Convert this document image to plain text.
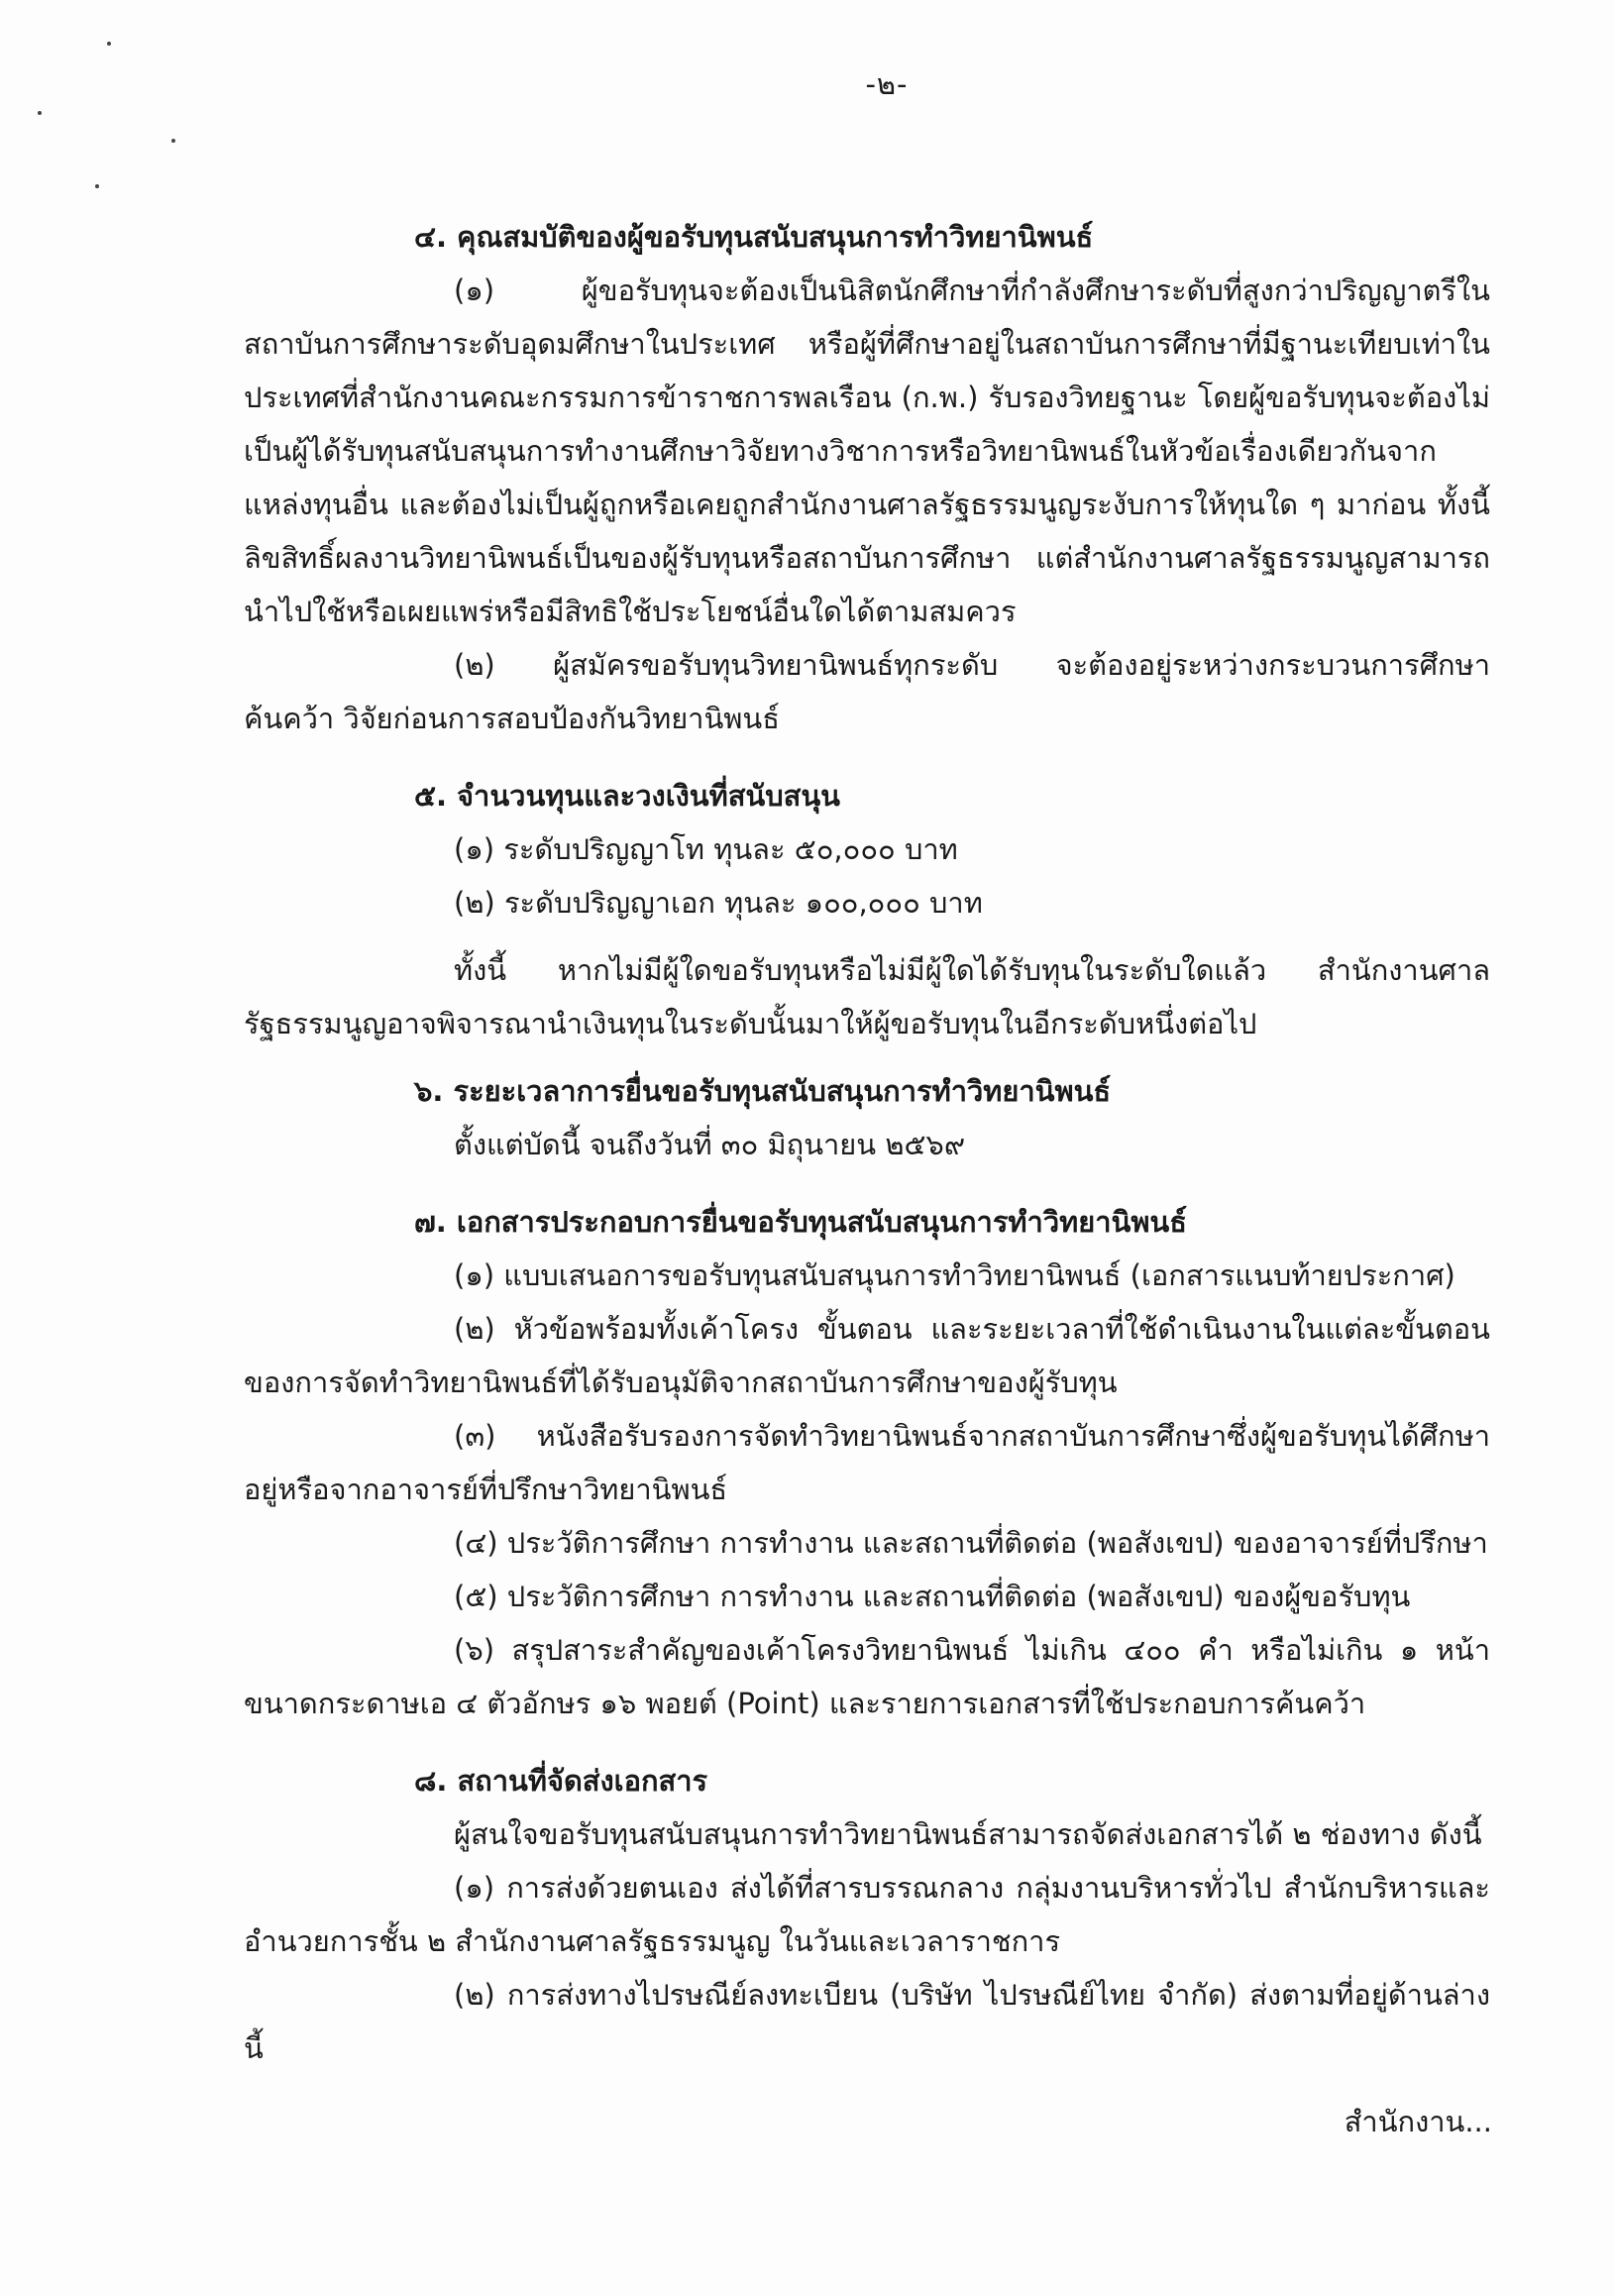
-๒-

๔. คุณสมบัติของผู้ขอรับทุนสนับสนุนการทำวิทยานิพนธ์

(๑) ผู้ขอรับทุนจะต้องเป็นนิสิตนักศึกษาที่กำลังศึกษาระดับที่สูงกว่าปริญญาตรีในสถาบันการศึกษาระดับอุดมศึกษาในประเทศ หรือผู้ที่ศึกษาอยู่ในสถาบันการศึกษาที่มีฐานะเทียบเท่าในประเทศที่สำนักงานคณะกรรมการข้าราชการพลเรือน (ก.พ.) รับรองวิทยฐานะ โดยผู้ขอรับทุนจะต้องไม่เป็นผู้ได้รับทุนสนับสนุนการทำงานศึกษาวิจัยทางวิชาการหรือวิทยานิพนธ์ในหัวข้อเรื่องเดียวกันจากแหล่งทุนอื่น และต้องไม่เป็นผู้ถูกหรือเคยถูกสำนักงานศาลรัฐธรรมนูญระงับการให้ทุนใด ๆ มาก่อน ทั้งนี้ ลิขสิทธิ์ผลงานวิทยานิพนธ์เป็นของผู้รับทุนหรือสถาบันการศึกษา แต่สำนักงานศาลรัฐธรรมนูญสามารถนำไปใช้หรือเผยแพร่หรือมีสิทธิใช้ประโยชน์อื่นใดได้ตามสมควร

(๒) ผู้สมัครขอรับทุนวิทยานิพนธ์ทุกระดับ จะต้องอยู่ระหว่างกระบวนการศึกษา ค้นคว้า วิจัยก่อนการสอบป้องกันวิทยานิพนธ์

๕. จำนวนทุนและวงเงินที่สนับสนุน

(๑) ระดับปริญญาโท ทุนละ ๕๐,๐๐๐ บาท

(๒) ระดับปริญญาเอก ทุนละ ๑๐๐,๐๐๐ บาท

ทั้งนี้ หากไม่มีผู้ใดขอรับทุนหรือไม่มีผู้ใดได้รับทุนในระดับใดแล้ว สำนักงานศาลรัฐธรรมนูญอาจพิจารณานำเงินทุนในระดับนั้นมาให้ผู้ขอรับทุนในอีกระดับหนึ่งต่อไป

๖. ระยะเวลาการยื่นขอรับทุนสนับสนุนการทำวิทยานิพนธ์

ตั้งแต่บัดนี้ จนถึงวันที่ ๓๐ มิถุนายน ๒๕๖๙

๗. เอกสารประกอบการยื่นขอรับทุนสนับสนุนการทำวิทยานิพนธ์

(๑) แบบเสนอการขอรับทุนสนับสนุนการทำวิทยานิพนธ์ (เอกสารแนบท้ายประกาศ)

(๒) หัวข้อพร้อมทั้งเค้าโครง ขั้นตอน และระยะเวลาที่ใช้ดำเนินงานในแต่ละขั้นตอนของการจัดทำวิทยานิพนธ์ที่ได้รับอนุมัติจากสถาบันการศึกษาของผู้รับทุน

(๓) หนังสือรับรองการจัดทำวิทยานิพนธ์จากสถาบันการศึกษาซึ่งผู้ขอรับทุนได้ศึกษาอยู่หรือจากอาจารย์ที่ปรึกษาวิทยานิพนธ์

(๔) ประวัติการศึกษา การทำงาน และสถานที่ติดต่อ (พอสังเขป) ของอาจารย์ที่ปรึกษา

(๕) ประวัติการศึกษา การทำงาน และสถานที่ติดต่อ (พอสังเขป) ของผู้ขอรับทุน

(๖) สรุปสาระสำคัญของเค้าโครงวิทยานิพนธ์ ไม่เกิน ๔๐๐ คำ หรือไม่เกิน ๑ หน้า ขนาดกระดาษเอ ๔ ตัวอักษร ๑๖ พอยต์ (Point) และรายการเอกสารที่ใช้ประกอบการค้นคว้า

๘. สถานที่จัดส่งเอกสาร

ผู้สนใจขอรับทุนสนับสนุนการทำวิทยานิพนธ์สามารถจัดส่งเอกสารได้ ๒ ช่องทาง ดังนี้

(๑) การส่งด้วยตนเอง ส่งได้ที่สารบรรณกลาง กลุ่มงานบริหารทั่วไป สำนักบริหารและอำนวยการชั้น ๒ สำนักงานศาลรัฐธรรมนูญ ในวันและเวลาราชการ

(๒) การส่งทางไปรษณีย์ลงทะเบียน (บริษัท ไปรษณีย์ไทย จำกัด) ส่งตามที่อยู่ด้านล่างนี้

สำนักงาน...
